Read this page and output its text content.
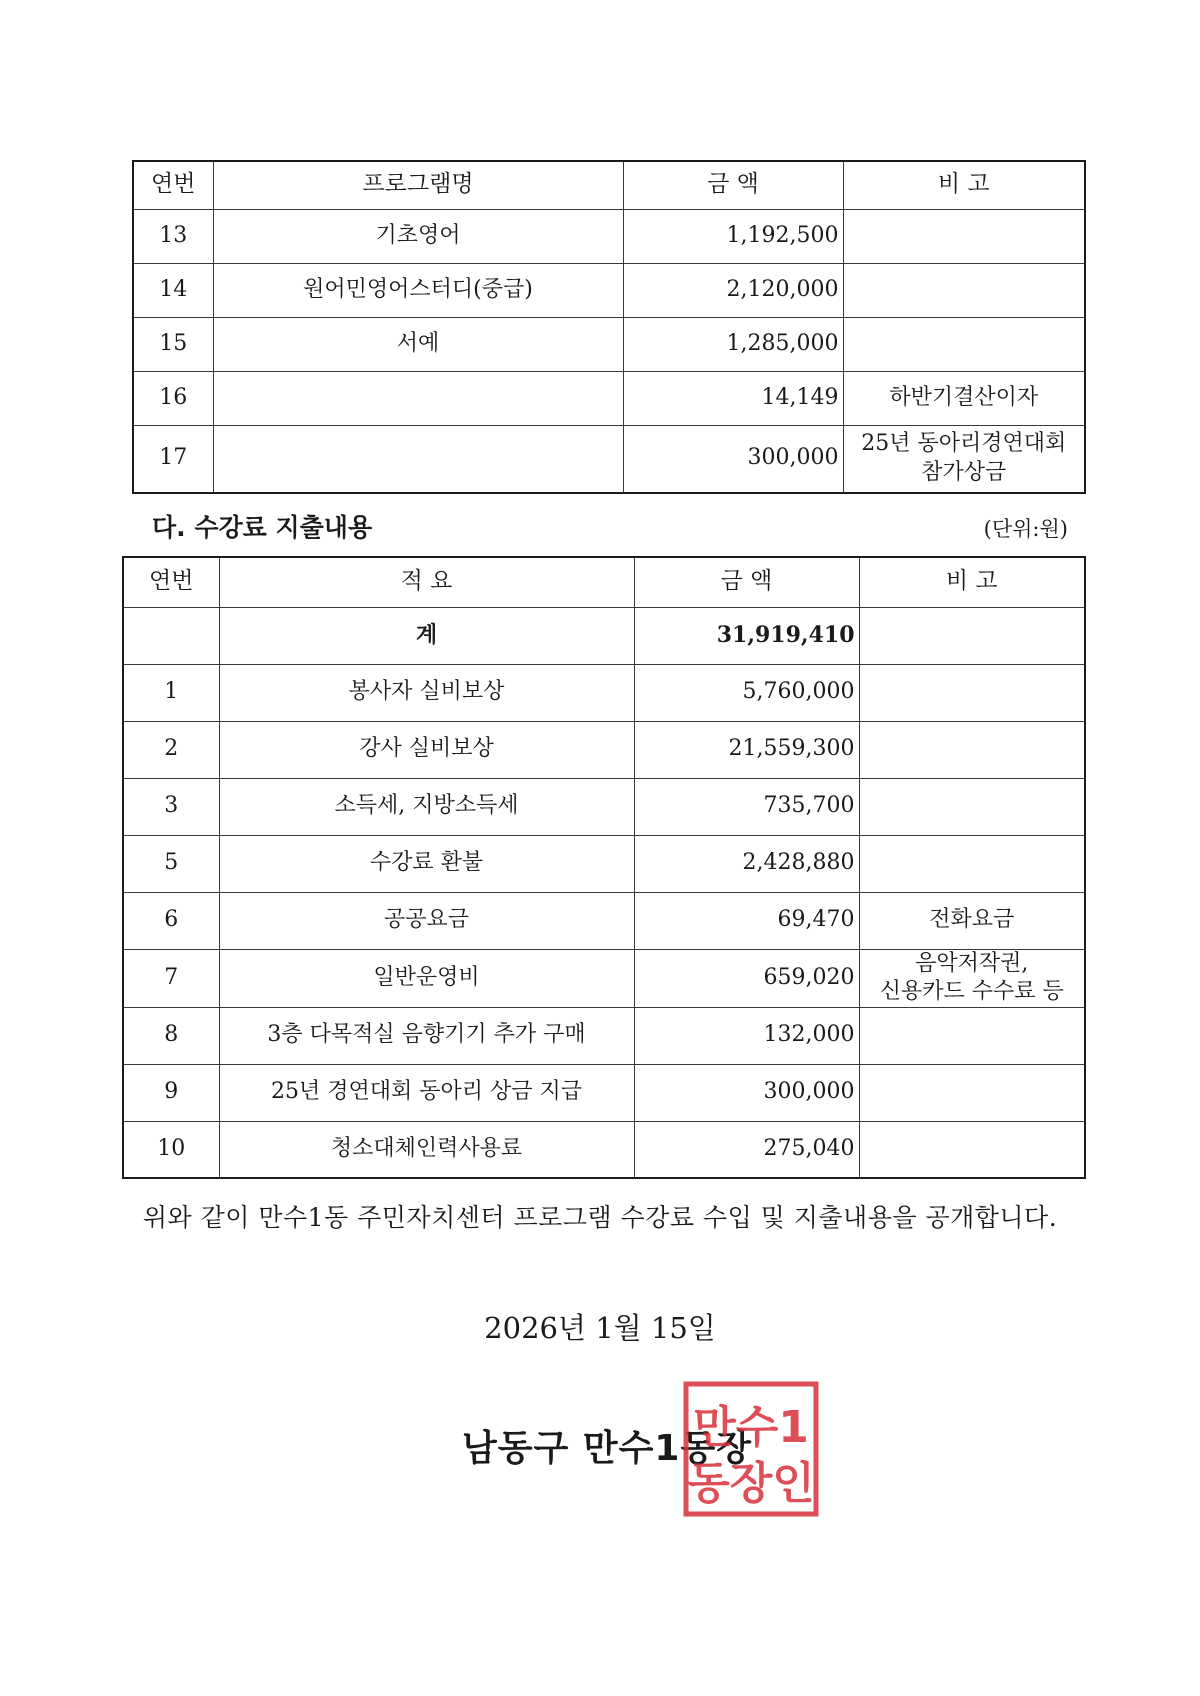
연번	프로그램명	금 액	비 고
13	기초영어	1,192,500	
14	원어민영어스터디(중급)	2,120,000	
15	서예	1,285,000	
16		14,149	하반기결산이자
17		300,000	25년 동아리경연대회
참가상금
다. 수강료 지출내용	(단위:원)
연번	적 요	금 액	비 고
	계	31,919,410	
1	봉사자 실비보상	5,760,000	
2	강사 실비보상	21,559,300	
3	소득세, 지방소득세	735,700	
5	수강료 환불	2,428,880	
6	공공요금	69,470	전화요금
7	일반운영비	659,020	음악저작권,
신용카드 수수료 등

8	3층 다목적실 음향기기 추가 구매	132,000	
9	25년 경연대회 동아리 상금 지급	300,000	
10	청소대체인력사용료	275,040	
위와 같이 만수1동 주민자치센터 프로그램 수강료 수입 및 지출내용을 공개합니다.
2026년 1월 15일
남동구 만수1동장
만수1
동장인
